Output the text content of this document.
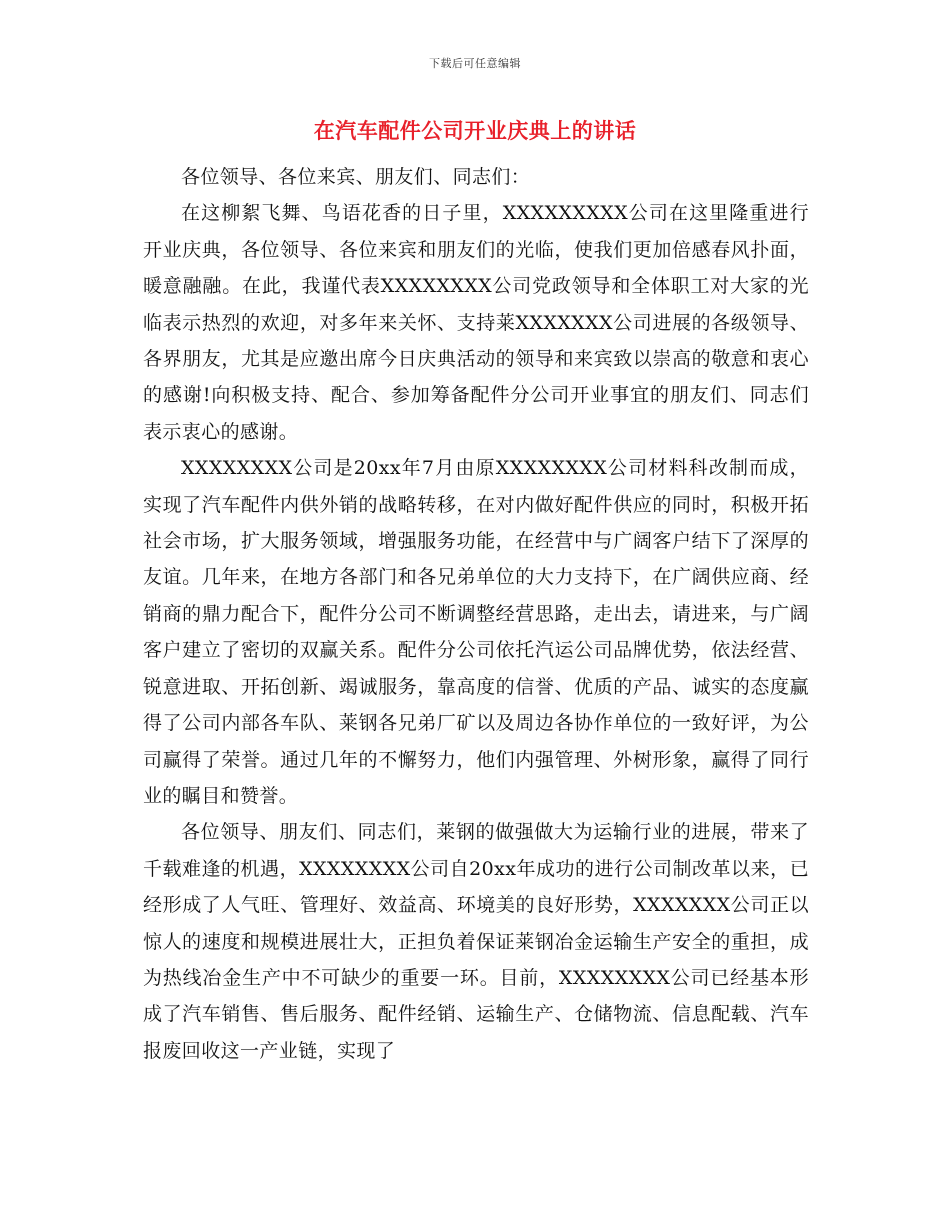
下载后可任意编辑
在汽车配件公司开业庆典上的讲话

各位领导、各位来宾、朋友们、同志们：

在这柳絮飞舞、鸟语花香的日子里，XXXXXXXXX公司在这里隆重进行开业庆典，各位领导、各位来宾和朋友们的光临，使我们更加倍感春风扑面，暖意融融。在此，我谨代表XXXXXXXX公司党政领导和全体职工对大家的光临表示热烈的欢迎，对多年来关怀、支持莱XXXXXXX公司进展的各级领导、各界朋友，尤其是应邀出席今日庆典活动的领导和来宾致以崇高的敬意和衷心的感谢!向积极支持、配合、参加筹备配件分公司开业事宜的朋友们、同志们表示衷心的感谢。

XXXXXXXX公司是20xx年7月由原XXXXXXXX公司材料科改制而成，实现了汽车配件内供外销的战略转移，在对内做好配件供应的同时，积极开拓社会市场，扩大服务领域，增强服务功能，在经营中与广阔客户结下了深厚的友谊。几年来，在地方各部门和各兄弟单位的大力支持下，在广阔供应商、经销商的鼎力配合下，配件分公司不断调整经营思路，走出去，请进来，与广阔客户建立了密切的双赢关系。配件分公司依托汽运公司品牌优势，依法经营、锐意进取、开拓创新、竭诚服务，靠高度的信誉、优质的产品、诚实的态度赢得了公司内部各车队、莱钢各兄弟厂矿以及周边各协作单位的一致好评，为公司赢得了荣誉。通过几年的不懈努力，他们内强管理、外树形象，赢得了同行业的瞩目和赞誉。

各位领导、朋友们、同志们，莱钢的做强做大为运输行业的进展，带来了千载难逢的机遇，XXXXXXXX公司自20xx年成功的进行公司制改革以来，已经形成了人气旺、管理好、效益高、环境美的良好形势，XXXXXXX公司正以惊人的速度和规模进展壮大，正担负着保证莱钢冶金运输生产安全的重担，成为热线冶金生产中不可缺少的重要一环。目前，XXXXXXXX公司已经基本形成了汽车销售、售后服务、配件经销、运输生产、仓储物流、信息配载、汽车报废回收这一产业链，实现了
